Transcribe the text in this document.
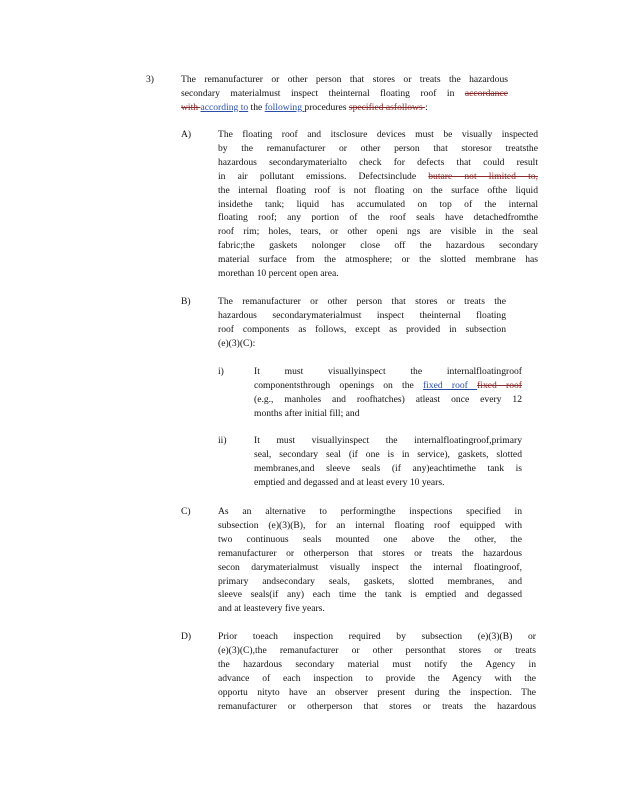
3)	The remanufacturer or other person that stores or treats the hazardous
secondary materialmust inspect theinternal floating roof in accordance
with according to the following procedures specified asfollows :
A)	The floating roof and itsclosure devices must be visually inspected
by the remanufacturer or other person that storesor treatsthe
hazardous secondarymaterialto check for defects that could result
in air pollutant emissions. Defectsinclude butare not limited to,
the internal floating roof is not floating on the surface ofthe liquid
insidethe tank; liquid has accumulated on top of the internal
floating roof; any portion of the roof seals have detachedfromthe
roof rim; holes, tears, or other openi ngs are visible in the seal
fabric;the gaskets nolonger close off the hazardous secondary
material surface from the atmosphere; or the slotted membrane has
morethan 10 percent open area.
B)	The remanufacturer or other person that stores or treats the
hazardous secondarymaterialmust inspect theinternal floating
roof components as follows, except as provided in subsection
(e)(3)(C):
i)	It must visuallyinspect the internalfloatingroof
componentsthrough openings on the fixed roof fixed roof
(e.g., manholes and roofhatches) atleast once every 12
months after initial fill; and
ii)	It must visuallyinspect the internalfloatingroof,primary
seal, secondary seal (if one is in service), gaskets, slotted
membranes,and sleeve seals (if any)eachtimethe tank is
emptied and degassed and at least every 10 years.
C)	As an alternative to performingthe inspections specified in
subsection (e)(3)(B), for an internal floating roof equipped with
two continuous seals mounted one above the other, the
remanufacturer or otherperson that stores or treats the hazardous
secon darymaterialmust visually inspect the internal floatingroof,
primary andsecondary seals, gaskets, slotted membranes, and
sleeve seals(if any) each time the tank is emptied and degassed
and at leastevery five years.
D)	Prior toeach inspection required by subsection (e)(3)(B) or
(e)(3)(C),the remanufacturer or other personthat stores or treats
the hazardous secondary material must notify the Agency in
advance of each inspection to provide the Agency with the
opportu nityto have an observer present during the inspection. The
remanufacturer or otherperson that stores or treats the hazardous
